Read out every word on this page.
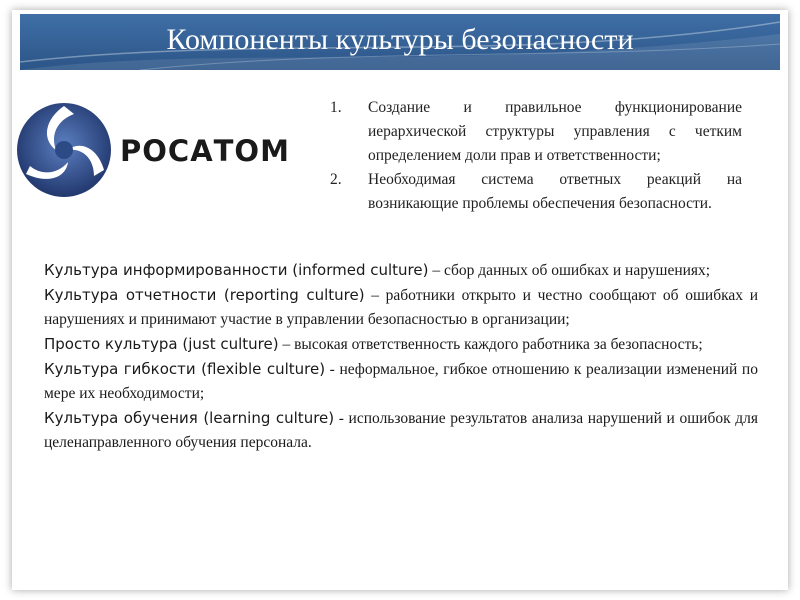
Компоненты культуры безопасности
РОСАТОМ
1. Создание и правильное функционирование иерархической структуры управления с четким определением доли прав и ответственности;
2. Необходимая система ответных реакций на возникающие проблемы обеспечения безопасности.
Культура информированности (informed culture) – сбор данных об ошибках и нарушениях;
Культура отчетности (reporting culture) – работники открыто и честно сообщают об ошибках и нарушениях и принимают участие в управлении безопасностью в организации;
Просто культура (just culture) – высокая ответственность каждого работника за безопасность;
Культура гибкости (flexible culture) - неформальное, гибкое отношению к реализации изменений по мере их необходимости;
Культура обучения (learning culture) - использование результатов анализа нарушений и ошибок для целенаправленного обучения персонала.
